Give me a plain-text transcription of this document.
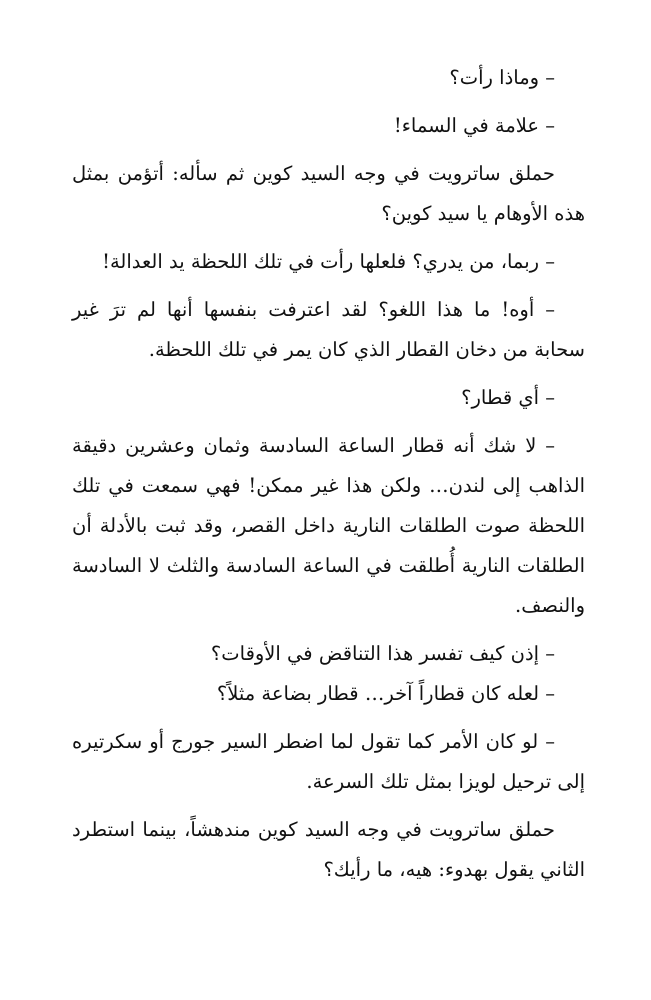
– وماذا رأت؟

– علامة في السماء!

حملق ساترويت في وجه السيد كوين ثم سأله: أتؤمن بمثل هذه الأوهام يا سيد كوين؟

– ربما، من يدري؟ فلعلها رأت في تلك اللحظة يد العدالة!

– أوه! ما هذا اللغو؟ لقد اعترفت بنفسها أنها لم ترَ غير سحابة من دخان القطار الذي كان يمر في تلك اللحظة.

– أي قطار؟

– لا شك أنه قطار الساعة السادسة وثمان وعشرين دقيقة الذاهب إلى لندن… ولكن هذا غير ممكن! فهي سمعت في تلك اللحظة صوت الطلقات النارية داخل القصر، وقد ثبت بالأدلة أن الطلقات النارية أُطلقت في الساعة السادسة والثلث لا السادسة والنصف.

– إذن كيف تفسر هذا التناقض في الأوقات؟

– لعله كان قطاراً آخر… قطار بضاعة مثلاً؟

– لو كان الأمر كما تقول لما اضطر السير جورج أو سكرتيره إلى ترحيل لويزا بمثل تلك السرعة.

حملق ساترويت في وجه السيد كوين مندهشاً، بينما استطرد الثاني يقول بهدوء: هيه، ما رأيك؟
